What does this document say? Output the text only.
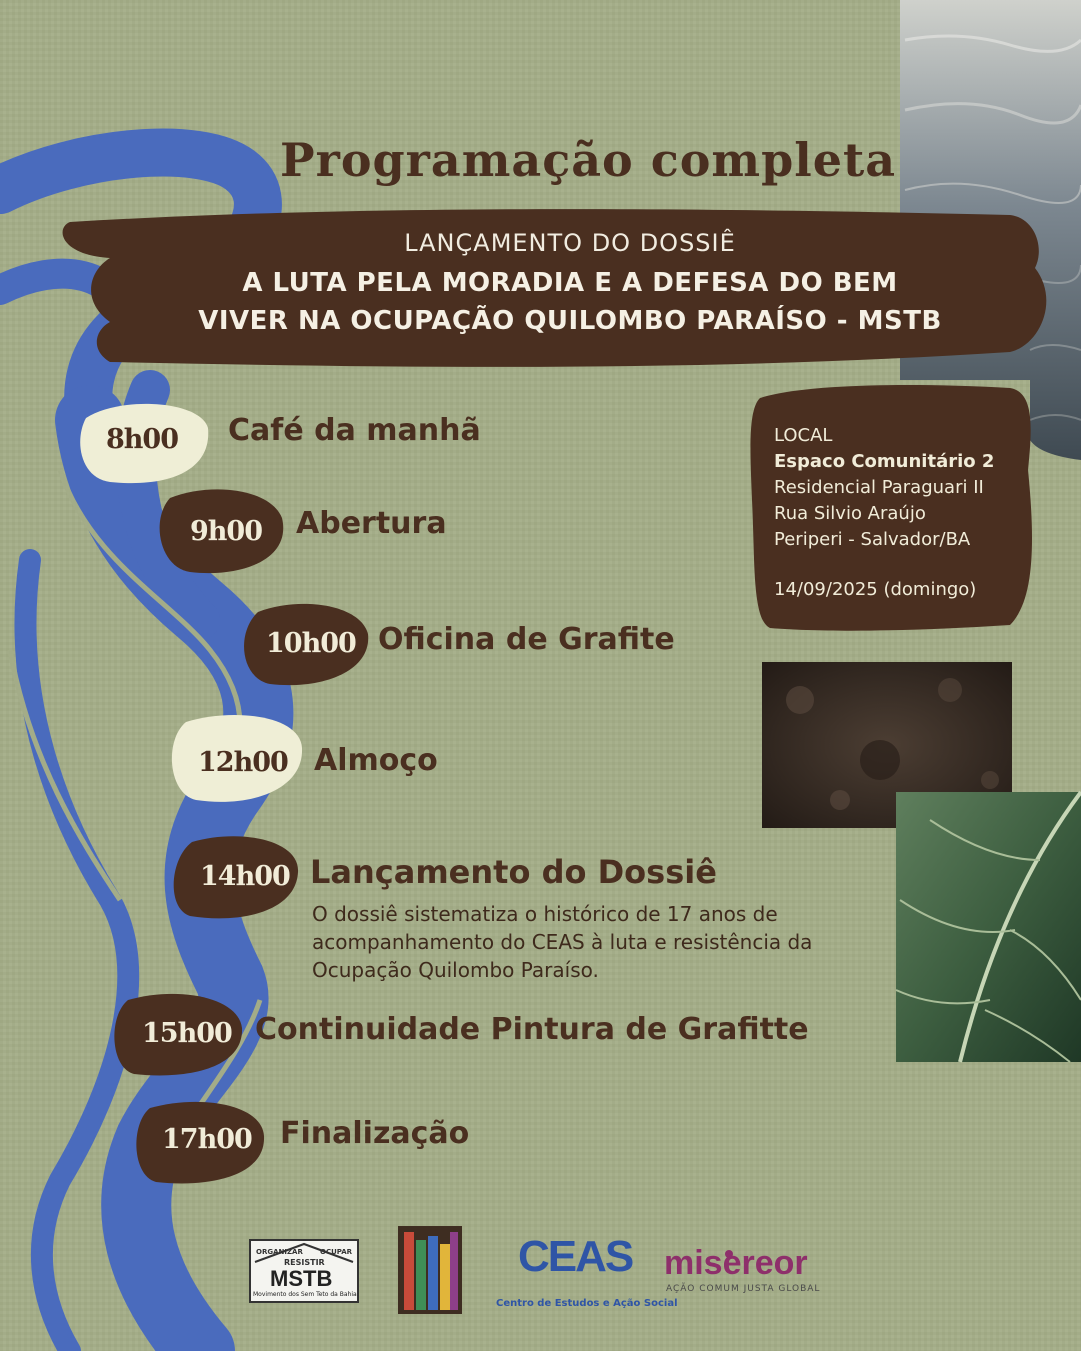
Programação completa
LANÇAMENTO DO DOSSIÊ
A LUTA PELA MORADIA E A DEFESA DO BEM
VIVER NA OCUPAÇÃO QUILOMBO PARAÍSO - MSTB
8h00 Café da manhã
9h00 Abertura
10h00 Oficina de Grafite
12h00 Almoço
14h00 Lançamento do Dossiê
O dossiê sistematiza o histórico de 17 anos de acompanhamento do CEAS à luta e resistência da Ocupação Quilombo Paraíso.
15h00 Continuidade Pintura de Grafitte
17h00 Finalização
LOCAL
Espaco Comunitário 2
Residencial Paraguari II
Rua Silvio Araújo
Periperi - Salvador/BA
14/09/2025 (domingo)
ORGANIZAR OCUPAR
RESISTIR
MSTB
Movimento dos Sem Teto da Bahia
CEAS
Centro de Estudos e Ação Social
misereor
AÇÃO COMUM JUSTA GLOBAL
